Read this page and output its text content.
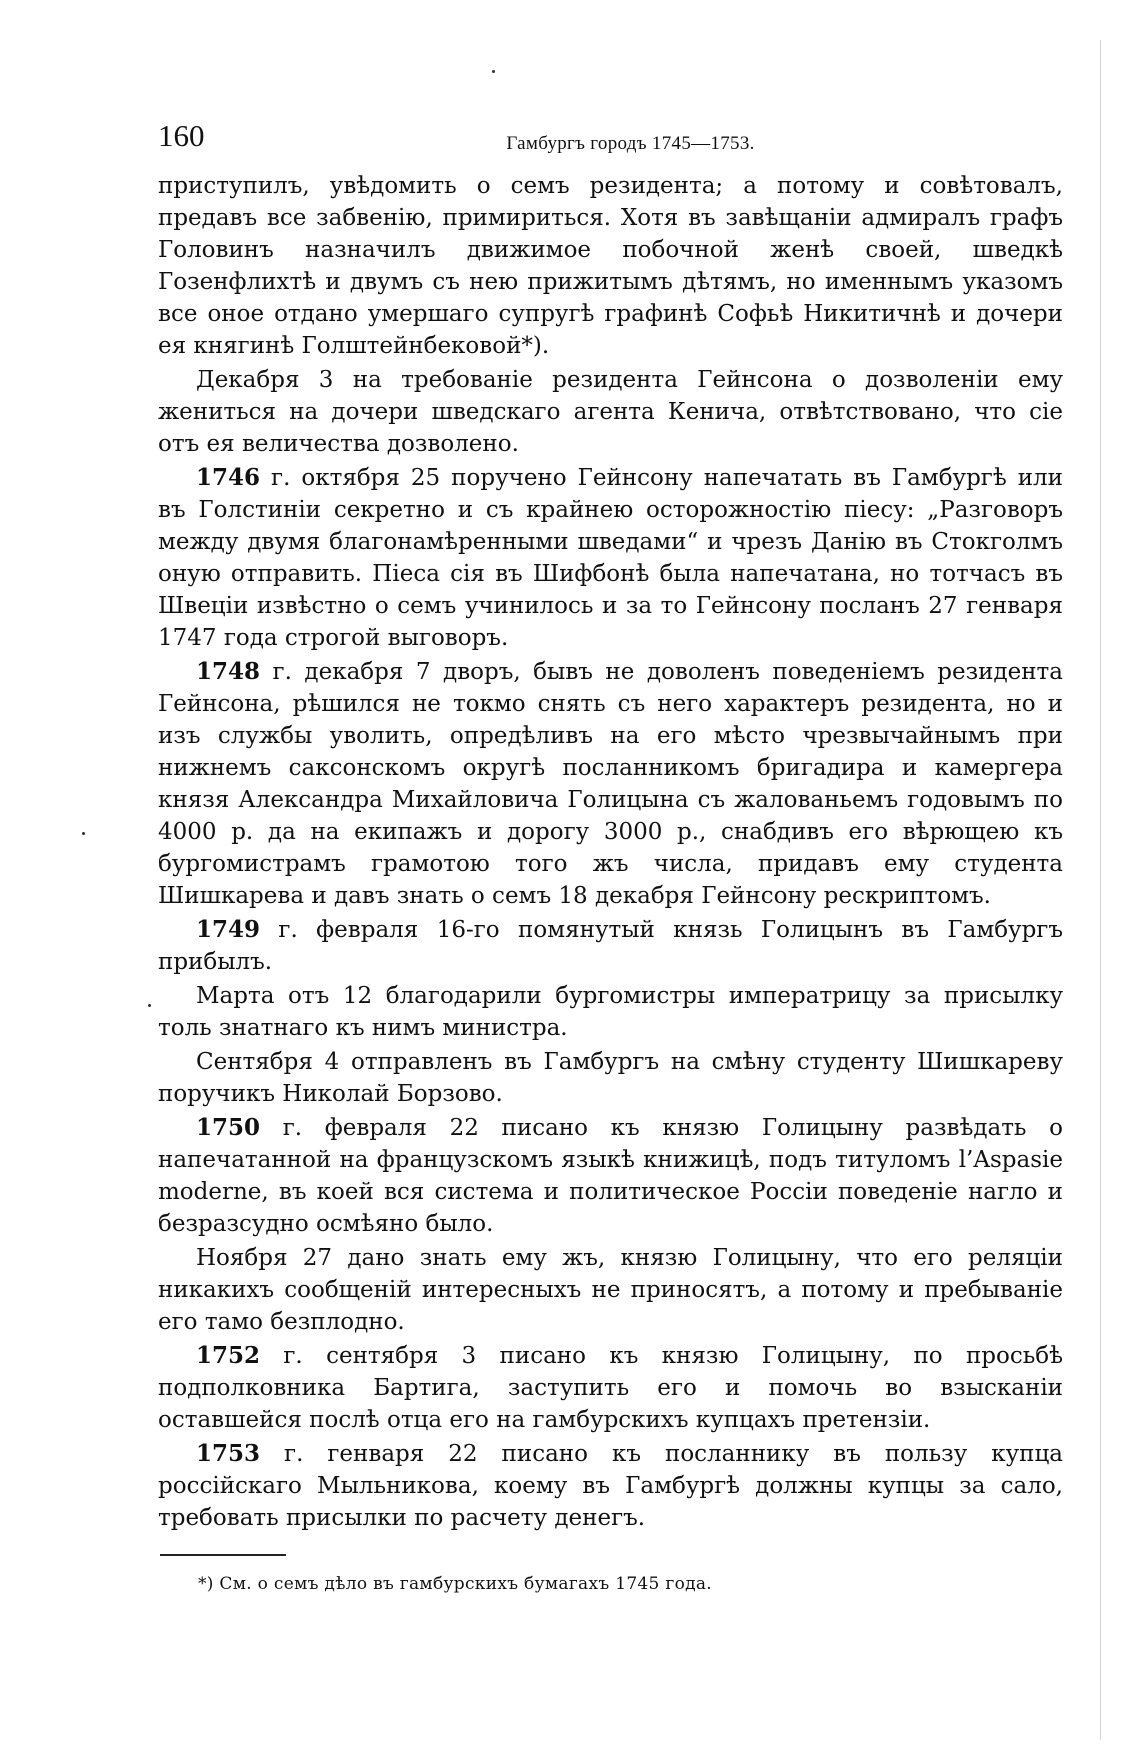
160	Гамбургъ городъ 1745—1753.

приступилъ, увѣдомить о семъ резидента; а потому и совѣтовалъ, предавъ все забвенію, примириться. Хотя въ завѣщаніи адмиралъ графъ Головинъ назначилъ движимое побочной женѣ своей, шведкѣ Гозенфлихтѣ и двумъ съ нею прижитымъ дѣтямъ, но именнымъ указомъ все оное отдано умершаго супругѣ графинѣ Софьѣ Никитичнѣ и дочери ея княгинѣ Голштейнбековой*).

Декабря 3 на требованіе резидента Гейнсона о дозволеніи ему жениться на дочери шведскаго агента Кенича, отвѣтствовано, что сіе отъ ея величества дозволено.

1746 г. октября 25 поручено Гейнсону напечатать въ Гамбургѣ или въ Голстиніи секретно и съ крайнею осторожностію піесу: „Разговоръ между двумя благонамѣренными шведами“ и чрезъ Данію въ Стокголмъ оную отправить. Піеса сія въ Шифбонѣ была напечатана, но тотчасъ въ Швеціи извѣстно о семъ учинилось и за то Гейнсону посланъ 27 генваря 1747 года строгой выговоръ.

1748 г. декабря 7 дворъ, бывъ не доволенъ поведеніемъ резидента Гейнсона, рѣшился не токмо снять съ него характеръ резидента, но и изъ службы уволить, опредѣливъ на его мѣсто чрезвычайнымъ при нижнемъ саксонскомъ округѣ посланникомъ бригадира и камергера князя Александра Михайловича Голицына съ жалованьемъ годовымъ по 4000 р. да на екипажъ и дорогу 3000 р., снабдивъ его вѣрющею къ бургомистрамъ грамотою того жъ числа, придавъ ему студента Шишкарева и давъ знать о семъ 18 декабря Гейнсону рескриптомъ.

1749 г. февраля 16-го помянутый князь Голицынъ въ Гамбургъ прибылъ.

Марта отъ 12 благодарили бургомистры императрицу за присылку толь знатнаго къ нимъ министра.

Сентября 4 отправленъ въ Гамбургъ на смѣну студенту Шишкареву поручикъ Николай Борзово.

1750 г. февраля 22 писано къ князю Голицыну развѣдать о напечатанной на французскомъ языкѣ книжицѣ, подъ титуломъ l’Aspasie moderne, въ коей вся система и политическое Россіи поведеніе нагло и безразсудно осмѣяно было.

Ноября 27 дано знать ему жъ, князю Голицыну, что его реляціи никакихъ сообщеній интересныхъ не приносятъ, а потому и пребываніе его тамо безплодно.

1752 г. сентября 3 писано къ князю Голицыну, по просьбѣ подполковника Бартига, заступить его и помочь во взысканіи оставшейся послѣ отца его на гамбурскихъ купцахъ претензіи.

1753 г. генваря 22 писано къ посланнику въ пользу купца россійскаго Мыльникова, коему въ Гамбургѣ должны купцы за сало, требовать присылки по расчету денегъ.

*) См. о семъ дѣло въ гамбурскихъ бумагахъ 1745 года.
